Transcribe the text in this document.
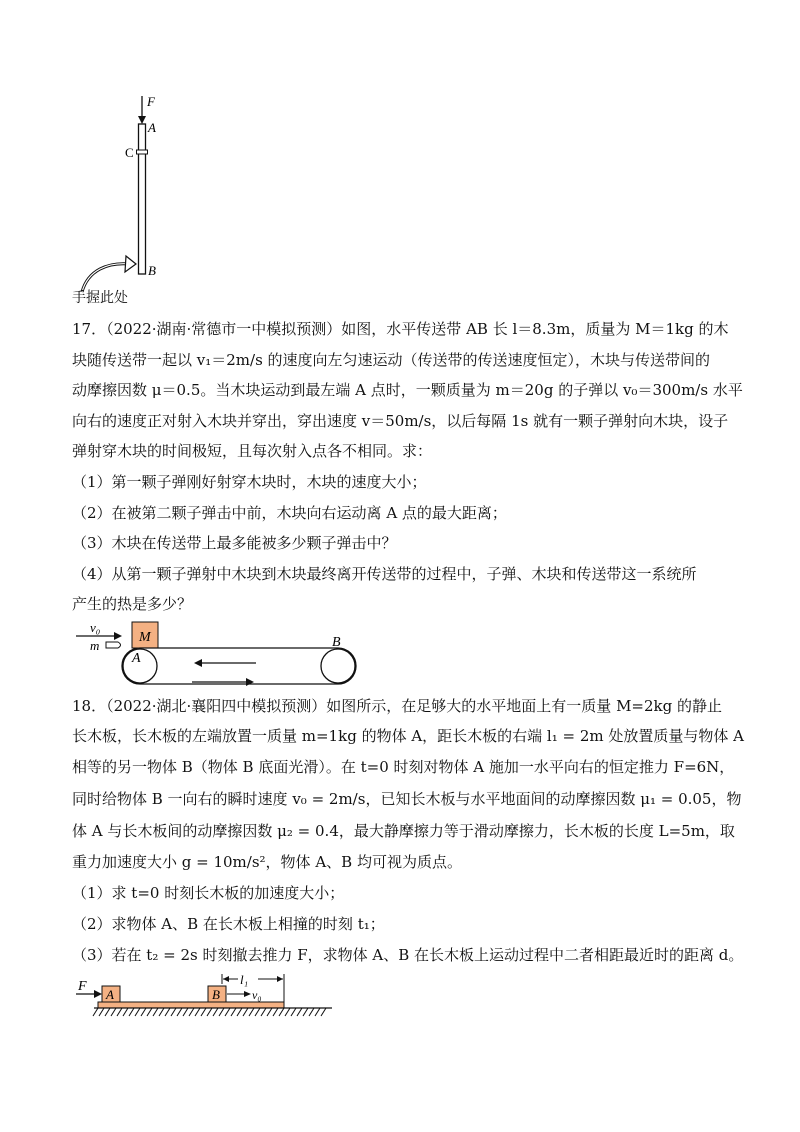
F
A
C
B
手握此处
17．（2022·湖南·常德市一中模拟预测）如图，水平传送带 AB 长 l＝8.3m，质量为 M＝1kg 的木
块随传送带一起以 v₁＝2m/s 的速度向左匀速运动（传送带的传送速度恒定），木块与传送带间的
动摩擦因数 μ＝0.5。当木块运动到最左端 A 点时，一颗质量为 m＝20g 的子弹以 v₀＝300m/s 水平
向右的速度正对射入木块并穿出，穿出速度 v＝50m/s，以后每隔 1s 就有一颗子弹射向木块，设子
弹射穿木块的时间极短，且每次射入点各不相同。求：
（1）第一颗子弹刚好射穿木块时，木块的速度大小；
（2）在被第二颗子弹击中前，木块向右运动离 A 点的最大距离；
（3）木块在传送带上最多能被多少颗子弹击中？
（4）从第一颗子弹射中木块到木块最终离开传送带的过程中，子弹、木块和传送带这一系统所
产生的热是多少？
v₀
m
M
A
B
18．（2022·湖北·襄阳四中模拟预测）如图所示，在足够大的水平地面上有一质量 M=2kg 的静止
长木板，长木板的左端放置一质量 m=1kg 的物体 A，距长木板的右端 l₁ = 2m 处放置质量与物体 A
相等的另一物体 B（物体 B 底面光滑）。在 t=0 时刻对物体 A 施加一水平向右的恒定推力 F=6N，
同时给物体 B 一向右的瞬时速度 v₀ = 2m/s，已知长木板与水平地面间的动摩擦因数 μ₁ = 0.05，物
体 A 与长木板间的动摩擦因数 μ₂ = 0.4，最大静摩擦力等于滑动摩擦力，长木板的长度 L=5m，取
重力加速度大小 g = 10m/s²，物体 A、B 均可视为质点。
（1）求 t=0 时刻长木板的加速度大小；
（2）求物体 A、B 在长木板上相撞的时刻 t₁；
（3）若在 t₂ = 2s 时刻撤去推力 F，求物体 A、B 在长木板上运动过程中二者相距最近时的距离 d。
F
A	B
l₁
v₀
